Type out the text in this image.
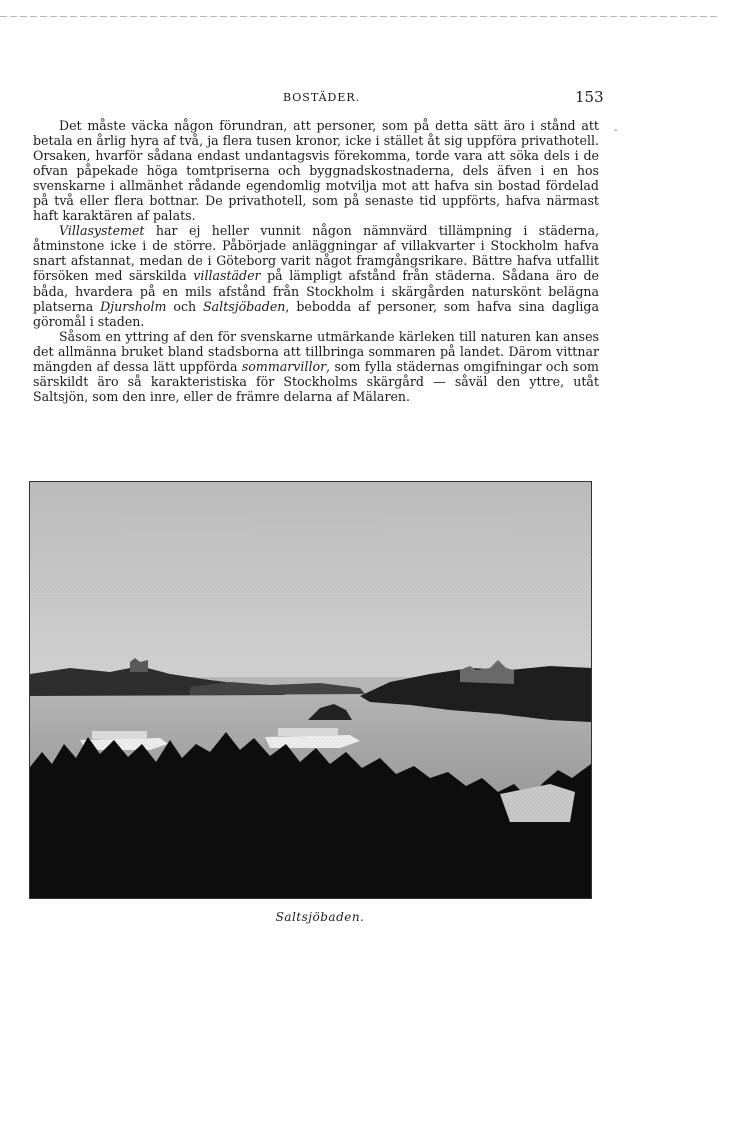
BOSTÄDER.	153
-

Det måste väcka någon förundran, att personer, som på detta sätt äro i stånd att betala en årlig hyra af två, ja flera tusen kronor, icke i stället åt sig uppföra privathotell. Orsaken, hvarför sådana endast undantagsvis förekomma, torde vara att söka dels i de ofvan påpekade höga tomtpriserna och byggnadskostnaderna, dels äfven i en hos svenskarne i allmänhet rådande egendomlig motvilja mot att hafva sin bostad fördelad på två eller flera bottnar. De privathotell, som på senaste tid uppförts, hafva närmast haft karaktären af palats.

Villasystemet har ej heller vunnit någon nämnvärd tillämpning i städerna, åtminstone icke i de större. Påbörjade anläggningar af villakvarter i Stockholm hafva snart afstannat, medan de i Göteborg varit något framgångsrikare. Bättre hafva utfallit försöken med särskilda villastäder på lämpligt afstånd från städerna. Sådana äro de båda, hvardera på en mils afstånd från Stockholm i skärgården naturskönt belägna platserna Djursholm och Saltsjöbaden, bebodda af personer, som hafva sina dagliga göromål i staden.

Såsom en yttring af den för svenskarne utmärkande kärleken till naturen kan anses det allmänna bruket bland stadsborna att tillbringa sommaren på landet. Därom vittnar mängden af dessa lätt uppförda sommarvillor, som fylla städernas omgifningar och som särskildt äro så karakteristiska för Stockholms skärgård — såväl den yttre, utåt Saltsjön, som den inre, eller de främre delarna af Mälaren.

Saltsjöbaden.
